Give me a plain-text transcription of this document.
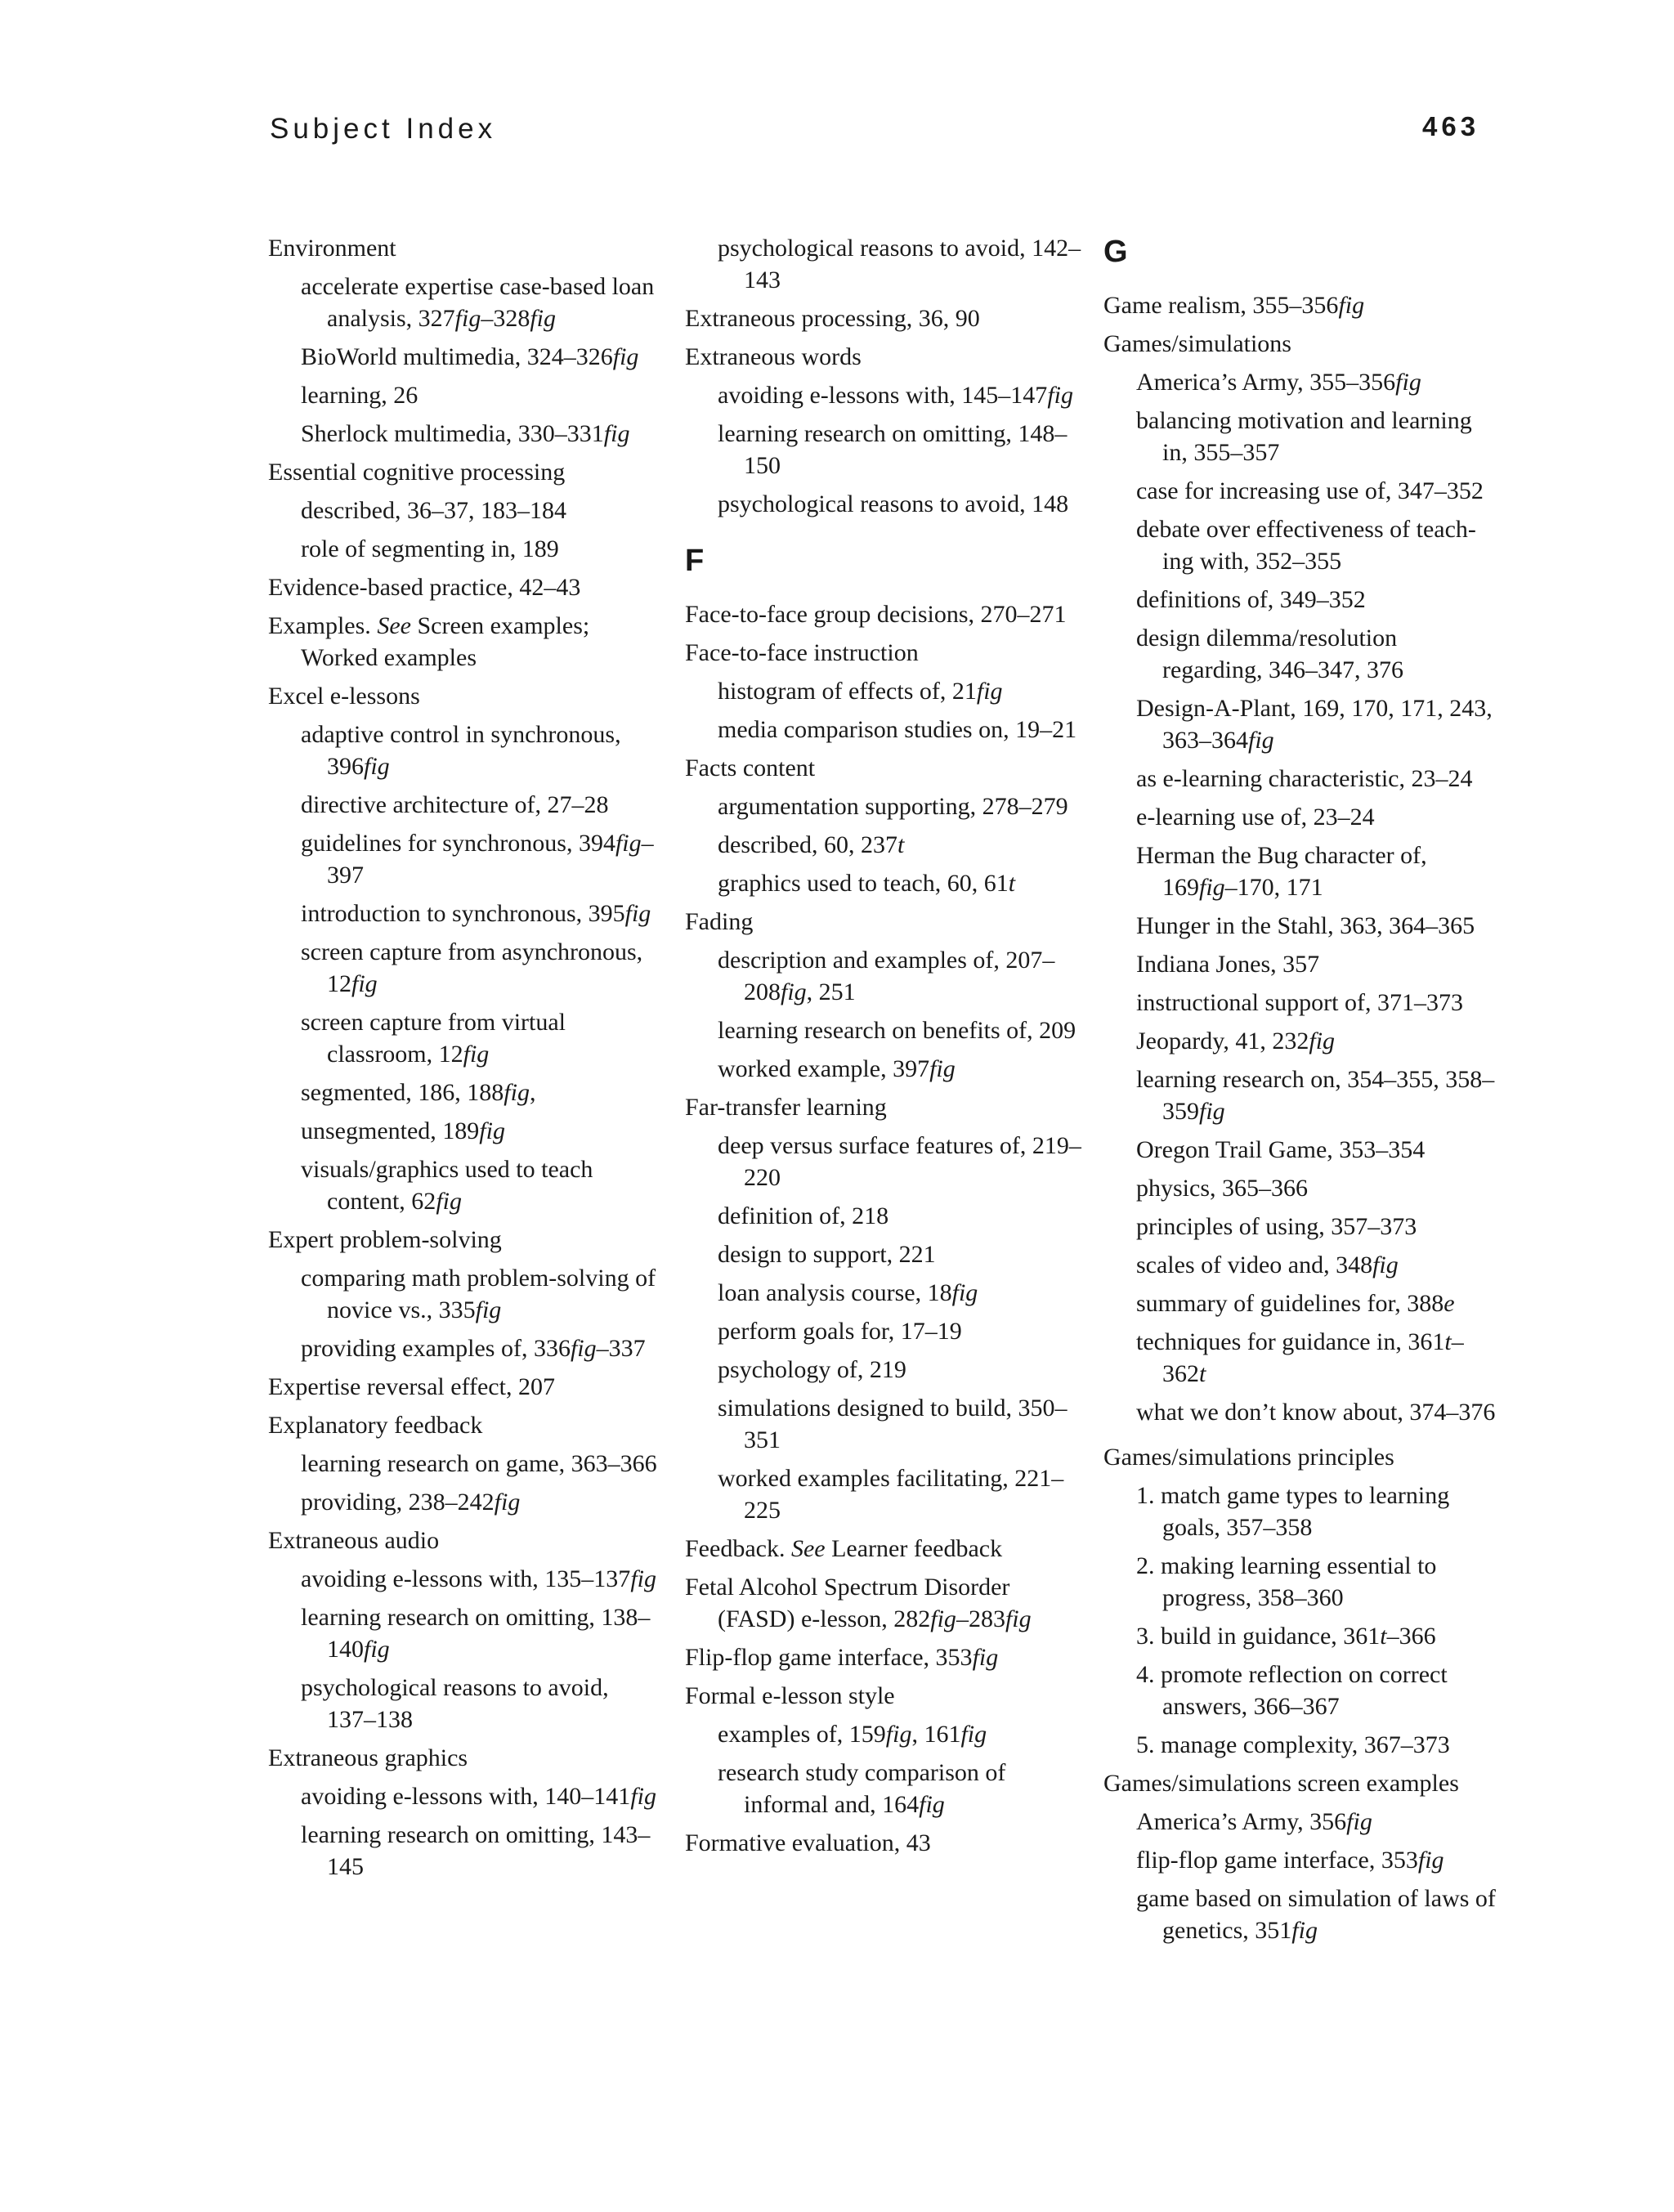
Subject Index	463
Environment
accelerate expertise case-based loan analysis, 327fig–328fig
BioWorld multimedia, 324–326fig
learning, 26
Sherlock multimedia, 330–331fig
Essential cognitive processing
described, 36–37, 183–184
role of segmenting in, 189
Evidence-based practice, 42–43
Examples. See Screen examples; Worked examples
Excel e-lessons
adaptive control in synchronous, 396fig
directive architecture of, 27–28
guidelines for synchronous, 394fig–397
introduction to synchronous, 395fig
screen capture from asynchronous, 12fig
screen capture from virtual classroom, 12fig
segmented, 186, 188fig,
unsegmented, 189fig
visuals/graphics used to teach content, 62fig
Expert problem-solving
comparing math problem-solving of novice vs., 335fig
providing examples of, 336fig–337
Expertise reversal effect, 207
Explanatory feedback
learning research on game, 363–366
providing, 238–242fig
Extraneous audio
avoiding e-lessons with, 135–137fig
learning research on omitting, 138–140fig
psychological reasons to avoid, 137–138
Extraneous graphics
avoiding e-lessons with, 140–141fig
learning research on omitting, 143–145
psychological reasons to avoid, 142–143
Extraneous processing, 36, 90
Extraneous words
avoiding e-lessons with, 145–147fig
learning research on omitting, 148–150
psychological reasons to avoid, 148
F
Face-to-face group decisions, 270–271
Face-to-face instruction
histogram of effects of, 21fig
media comparison studies on, 19–21
Facts content
argumentation supporting, 278–279
described, 60, 237t
graphics used to teach, 60, 61t
Fading
description and examples of, 207–208fig, 251
learning research on benefits of, 209
worked example, 397fig
Far-transfer learning
deep versus surface features of, 219–220
definition of, 218
design to support, 221
loan analysis course, 18fig
perform goals for, 17–19
psychology of, 219
simulations designed to build, 350–351
worked examples facilitating, 221–225
Feedback. See Learner feedback
Fetal Alcohol Spectrum Disorder (FASD) e-lesson, 282fig–283fig
Flip-flop game interface, 353fig
Formal e-lesson style
examples of, 159fig, 161fig
research study comparison of informal and, 164fig
Formative evaluation, 43
G
Game realism, 355–356fig
Games/simulations
America’s Army, 355–356fig
balancing motivation and learning in, 355–357
case for increasing use of, 347–352
debate over effectiveness of teach-ing with, 352–355
definitions of, 349–352
design dilemma/resolution regarding, 346–347, 376
Design-A-Plant, 169, 170, 171, 243, 363–364fig
as e-learning characteristic, 23–24
e-learning use of, 23–24
Herman the Bug character of, 169fig–170, 171
Hunger in the Stahl, 363, 364–365
Indiana Jones, 357
instructional support of, 371–373
Jeopardy, 41, 232fig
learning research on, 354–355, 358–359fig
Oregon Trail Game, 353–354
physics, 365–366
principles of using, 357–373
scales of video and, 348fig
summary of guidelines for, 388e
techniques for guidance in, 361t–362t
what we don’t know about, 374–376
Games/simulations principles
1. match game types to learning goals, 357–358
2. making learning essential to progress, 358–360
3. build in guidance, 361t–366
4. promote reflection on correct answers, 366–367
5. manage complexity, 367–373
Games/simulations screen examples
America’s Army, 356fig
flip-flop game interface, 353fig
game based on simulation of laws of genetics, 351fig
